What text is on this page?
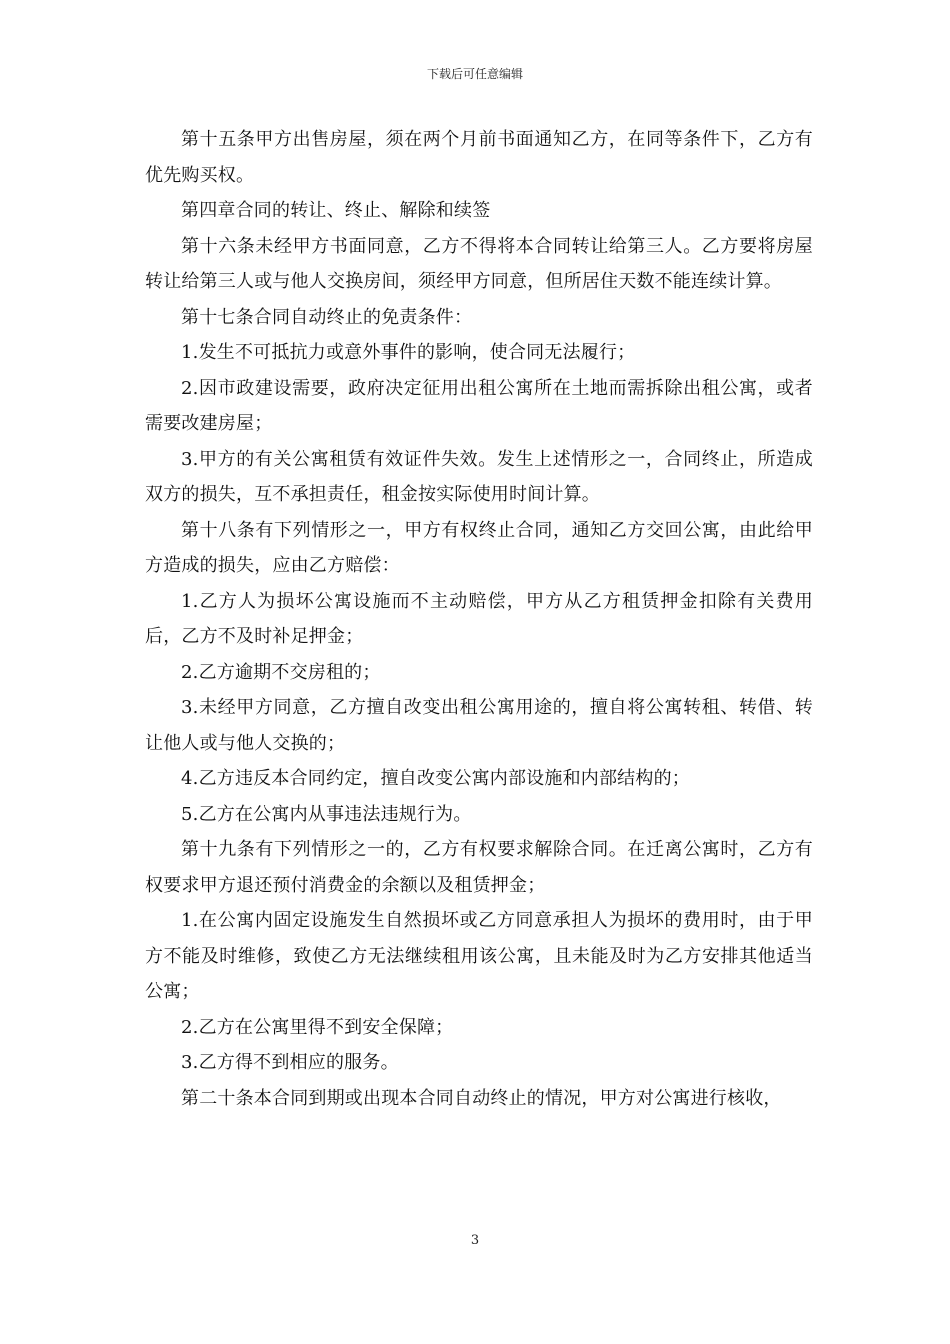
下载后可任意编辑

第十五条甲方出售房屋，须在两个月前书面通知乙方，在同等条件下，乙方有优先购买权。

第四章合同的转让、终止、解除和续签

第十六条未经甲方书面同意，乙方不得将本合同转让给第三人。乙方要将房屋转让给第三人或与他人交换房间，须经甲方同意，但所居住天数不能连续计算。

第十七条合同自动终止的免责条件：

1.发生不可抵抗力或意外事件的影响，使合同无法履行；

2.因市政建设需要，政府决定征用出租公寓所在土地而需拆除出租公寓，或者需要改建房屋；

3.甲方的有关公寓租赁有效证件失效。发生上述情形之一，合同终止，所造成双方的损失，互不承担责任，租金按实际使用时间计算。

第十八条有下列情形之一，甲方有权终止合同，通知乙方交回公寓，由此给甲方造成的损失，应由乙方赔偿：

1.乙方人为损坏公寓设施而不主动赔偿，甲方从乙方租赁押金扣除有关费用后，乙方不及时补足押金；

2.乙方逾期不交房租的；

3.未经甲方同意，乙方擅自改变出租公寓用途的，擅自将公寓转租、转借、转让他人或与他人交换的；

4.乙方违反本合同约定，擅自改变公寓内部设施和内部结构的；

5.乙方在公寓内从事违法违规行为。

第十九条有下列情形之一的，乙方有权要求解除合同。在迁离公寓时，乙方有权要求甲方退还预付消费金的余额以及租赁押金；

1.在公寓内固定设施发生自然损坏或乙方同意承担人为损坏的费用时，由于甲方不能及时维修，致使乙方无法继续租用该公寓，且未能及时为乙方安排其他适当公寓；

2.乙方在公寓里得不到安全保障；

3.乙方得不到相应的服务。

第二十条本合同到期或出现本合同自动终止的情况，甲方对公寓进行核收，

3
